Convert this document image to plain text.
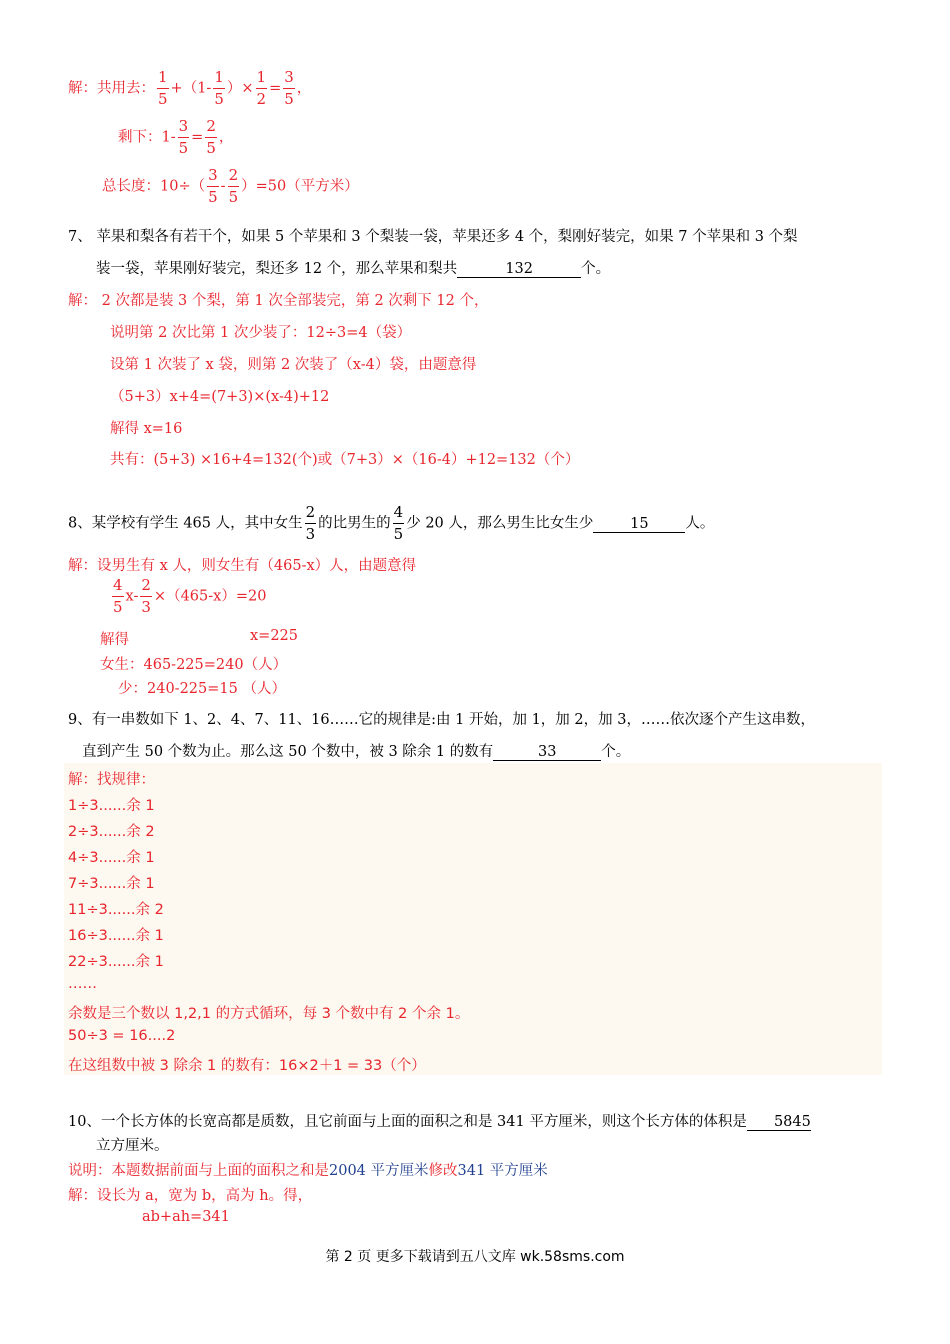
解：共用去： $\frac{1}{5} +(1- \frac{1}{5}$ ）× $\frac{1}{2} = \frac{3}{5}$ ，
剩下：$1- \frac{3}{5} = \frac{2}{5}$ ，
总长度：$10\div( \frac{3}{5} - \frac{2}{5} )=50$（平方米）
7、 苹果和梨各有若干个，如果 5 个苹果和 3 个梨装一袋，苹果还多 4 个，梨刚好装完，如果 7 个苹果和 3 个梨
装一袋，苹果刚好装完，梨还多 12 个，那么苹果和梨共	132	个。
解： 2 次都是装 3 个梨，第 1 次全部装完，第 2 次剩下 12 个，
说明第 2 次比第 1 次少装了：12÷3=4（袋）
设第 1 次装了 x 袋，则第 2 次装了（x-4）袋，由题意得
（5+3）x+4=(7+3)×(x-4)+12
解得 x=16
共有：(5+3) ×16+4=132(个)或（7+3）×（16-4）+12=132（个）
8、某学校有学生 465 人，其中女生 $\frac{2}{3}$ 的比男生的 $\frac{4}{5}$ 少 20 人，那么男生比女生少	15	人。
解：设男生有 x 人，则女生有（465-x）人，由题意得
$\frac{4}{5} x- \frac{2}{3} \times(465-x)=20$
解得	x=225
女生：465-225=240（人）
少：240-225=15 （人）
9、有一串数如下 1、2、4、7、11、16……它的规律是:由 1 开始，加 1，加 2，加 3，……依次逐个产生这串数，
直到产生 50 个数为止。那么这 50 个数中，被 3 除余 1 的数有	33	个。
解：找规律：
1÷3......余 1
2÷3......余 2
4÷3......余 1
7÷3......余 1
11÷3......余 2
16÷3......余 1
22÷3......余 1
……
余数是三个数以 1,2,1 的方式循环，每 3 个数中有 2 个余 1。
50÷3 = 16....2
在这组数中被 3 除余 1 的数有：16×2＋1 = 33（个）
10、一个长方体的长宽高都是质数，且它前面与上面的面积之和是 341 平方厘米，则这个长方体的体积是 5845
立方厘米。
说明：本题数据前面与上面的面积之和是2004 平方厘米修改341 平方厘米
解：设长为 a，宽为 b，高为 h。得，
ab+ah=341
第 2 页 更多下载请到五八文库 wk.58sms.com
